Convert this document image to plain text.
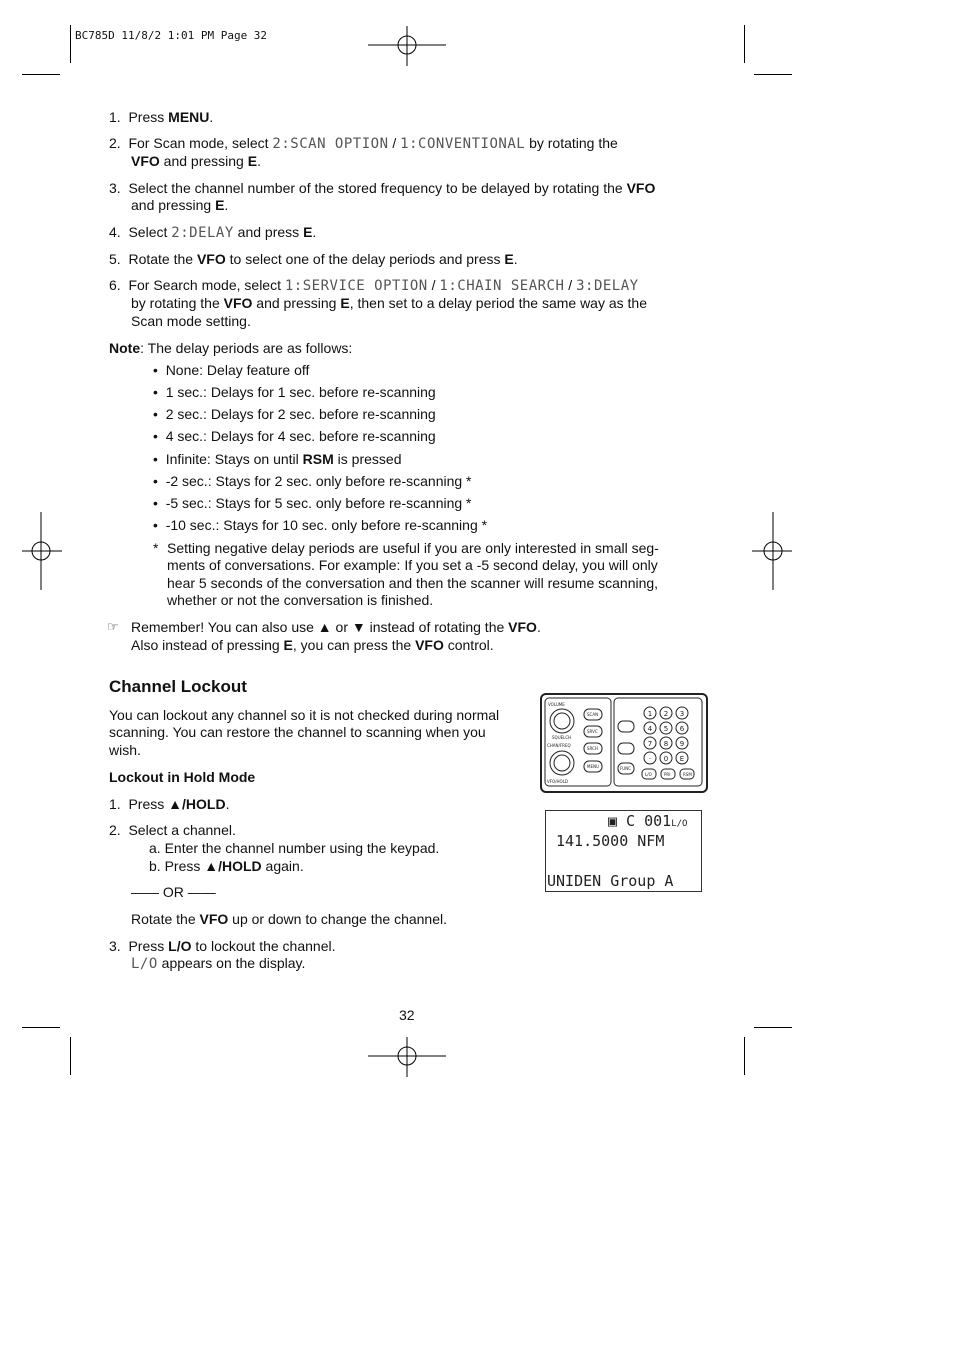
BC785D 11/8/2 1:01 PM Page 32
1. Press MENU.
2. For Scan mode, select 2:SCAN OPTION / 1:CONVENTIONAL by rotating the
VFO and pressing E.
3. Select the channel number of the stored frequency to be delayed by rotating the VFO
and pressing E.
4. Select 2:DELAY and press E.
5. Rotate the VFO to select one of the delay periods and press E.
6. For Search mode, select 1:SERVICE OPTION / 1:CHAIN SEARCH / 3:DELAY
by rotating the VFO and pressing E, then set to a delay period the same way as the
Scan mode setting.
Note: The delay periods are as follows:
•  None: Delay feature off
•  1 sec.: Delays for 1 sec. before re-scanning
•  2 sec.: Delays for 2 sec. before re-scanning
•  4 sec.: Delays for 4 sec. before re-scanning
•  Infinite: Stays on until RSM is pressed
•  -2 sec.: Stays for 2 sec. only before re-scanning *
•  -5 sec.: Stays for 5 sec. only before re-scanning *
•  -10 sec.: Stays for 10 sec. only before re-scanning *
* Setting negative delay periods are useful if you are only interested in small seg-
ments of conversations. For example: If you set a -5 second delay, you will only
hear 5 seconds of the conversation and then the scanner will resume scanning,
whether or not the conversation is finished.
☞ Remember! You can also use ▲ or ▼ instead of rotating the VFO.
Also instead of pressing E, you can press the VFO control.
Channel Lockout
You can lockout any channel so it is not checked during normal
scanning. You can restore the channel to scanning when you
wish.
Lockout in Hold Mode
1. Press ▲/HOLD.
2. Select a channel.
a. Enter the channel number using the keypad.
b. Press ▲/HOLD again.
—— OR ——
Rotate the VFO up or down to change the channel.
3. Press L/O to lockout the channel.
L/O appears on the display.
VOLUME
SQUELCH
CHAN/FREQ
VFO/HOLD
SCAN
SRVC
SRCH
MENU	FUNC
L/O	PRI	RSM
1 2 3
4 5 6
7 8 9
· 0 E
▣ C 001L/O
141.5000 NFM
UNIDEN Group A
32
